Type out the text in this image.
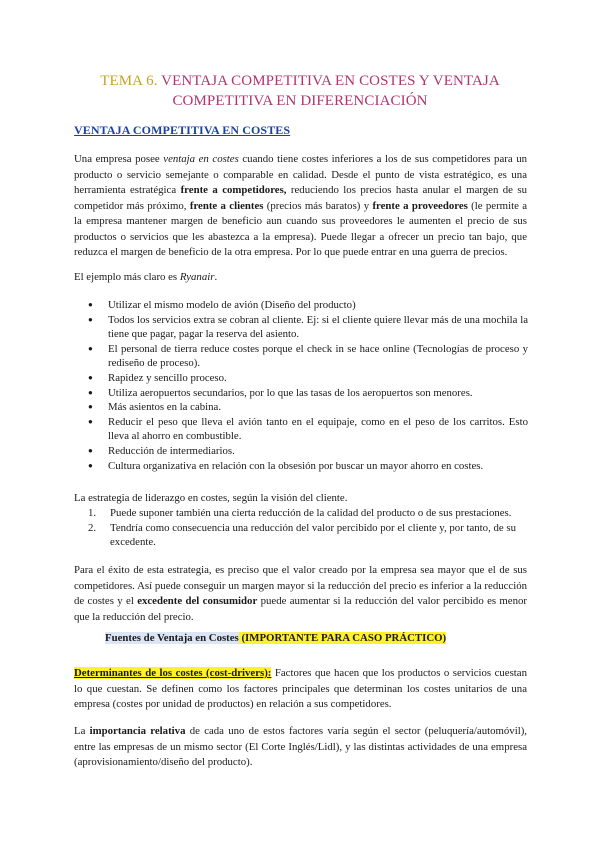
TEMA 6. VENTAJA COMPETITIVA EN COSTES Y VENTAJA
COMPETITIVA EN DIFERENCIACIÓN
VENTAJA COMPETITIVA EN COSTES

Una empresa posee ventaja en costes cuando tiene costes inferiores a los de sus competidores para un producto o servicio semejante o comparable en calidad. Desde el punto de vista estratégico, es una herramienta estratégica frente a competidores, reduciendo los precios hasta anular el margen de su competidor más próximo, frente a clientes (precios más baratos) y frente a proveedores (le permite a la empresa mantener margen de beneficio aun cuando sus proveedores le aumenten el precio de sus productos o servicios que les abastezca a la empresa). Puede llegar a ofrecer un precio tan bajo, que reduzca el margen de beneficio de la otra empresa. Por lo que puede entrar en una guerra de precios.

El ejemplo más claro es Ryanair.

● Utilizar el mismo modelo de avión (Diseño del producto)
● Todos los servicios extra se cobran al cliente. Ej: si el cliente quiere llevar más de una mochila la tiene que pagar, pagar la reserva del asiento.
● El personal de tierra reduce costes porque el check in se hace online (Tecnologías de proceso y rediseño de proceso).
● Rapidez y sencillo proceso.
● Utiliza aeropuertos secundarios, por lo que las tasas de los aeropuertos son menores.
● Más asientos en la cabina.
● Reducir el peso que lleva el avión tanto en el equipaje, como en el peso de los carritos. Esto lleva al ahorro en combustible.
● Reducción de intermediarios.
● Cultura organizativa en relación con la obsesión por buscar un mayor ahorro en costes.

La estrategia de liderazgo en costes, según la visión del cliente.

1. Puede suponer también una cierta reducción de la calidad del producto o de sus prestaciones.
2. Tendría como consecuencia una reducción del valor percibido por el cliente y, por tanto, de su excedente.

Para el éxito de esta estrategia, es preciso que el valor creado por la empresa sea mayor que el de sus competidores. Así puede conseguir un margen mayor si la reducción del precio es inferior a la reducción de costes y el excedente del consumidor puede aumentar si la reducción del valor percibido es menor que la reducción del precio.

Fuentes de Ventaja en Costes (IMPORTANTE PARA CASO PRÁCTICO)

Determinantes de los costes (cost-drivers): Factores que hacen que los productos o servicios cuestan lo que cuestan. Se definen como los factores principales que determinan los costes unitarios de una empresa (costes por unidad de productos) en relación a sus competidores.

La importancia relativa de cada uno de estos factores varía según el sector (peluquería/automóvil), entre las empresas de un mismo sector (El Corte Inglés/Lidl), y las distintas actividades de una empresa (aprovisionamiento/diseño del producto).
